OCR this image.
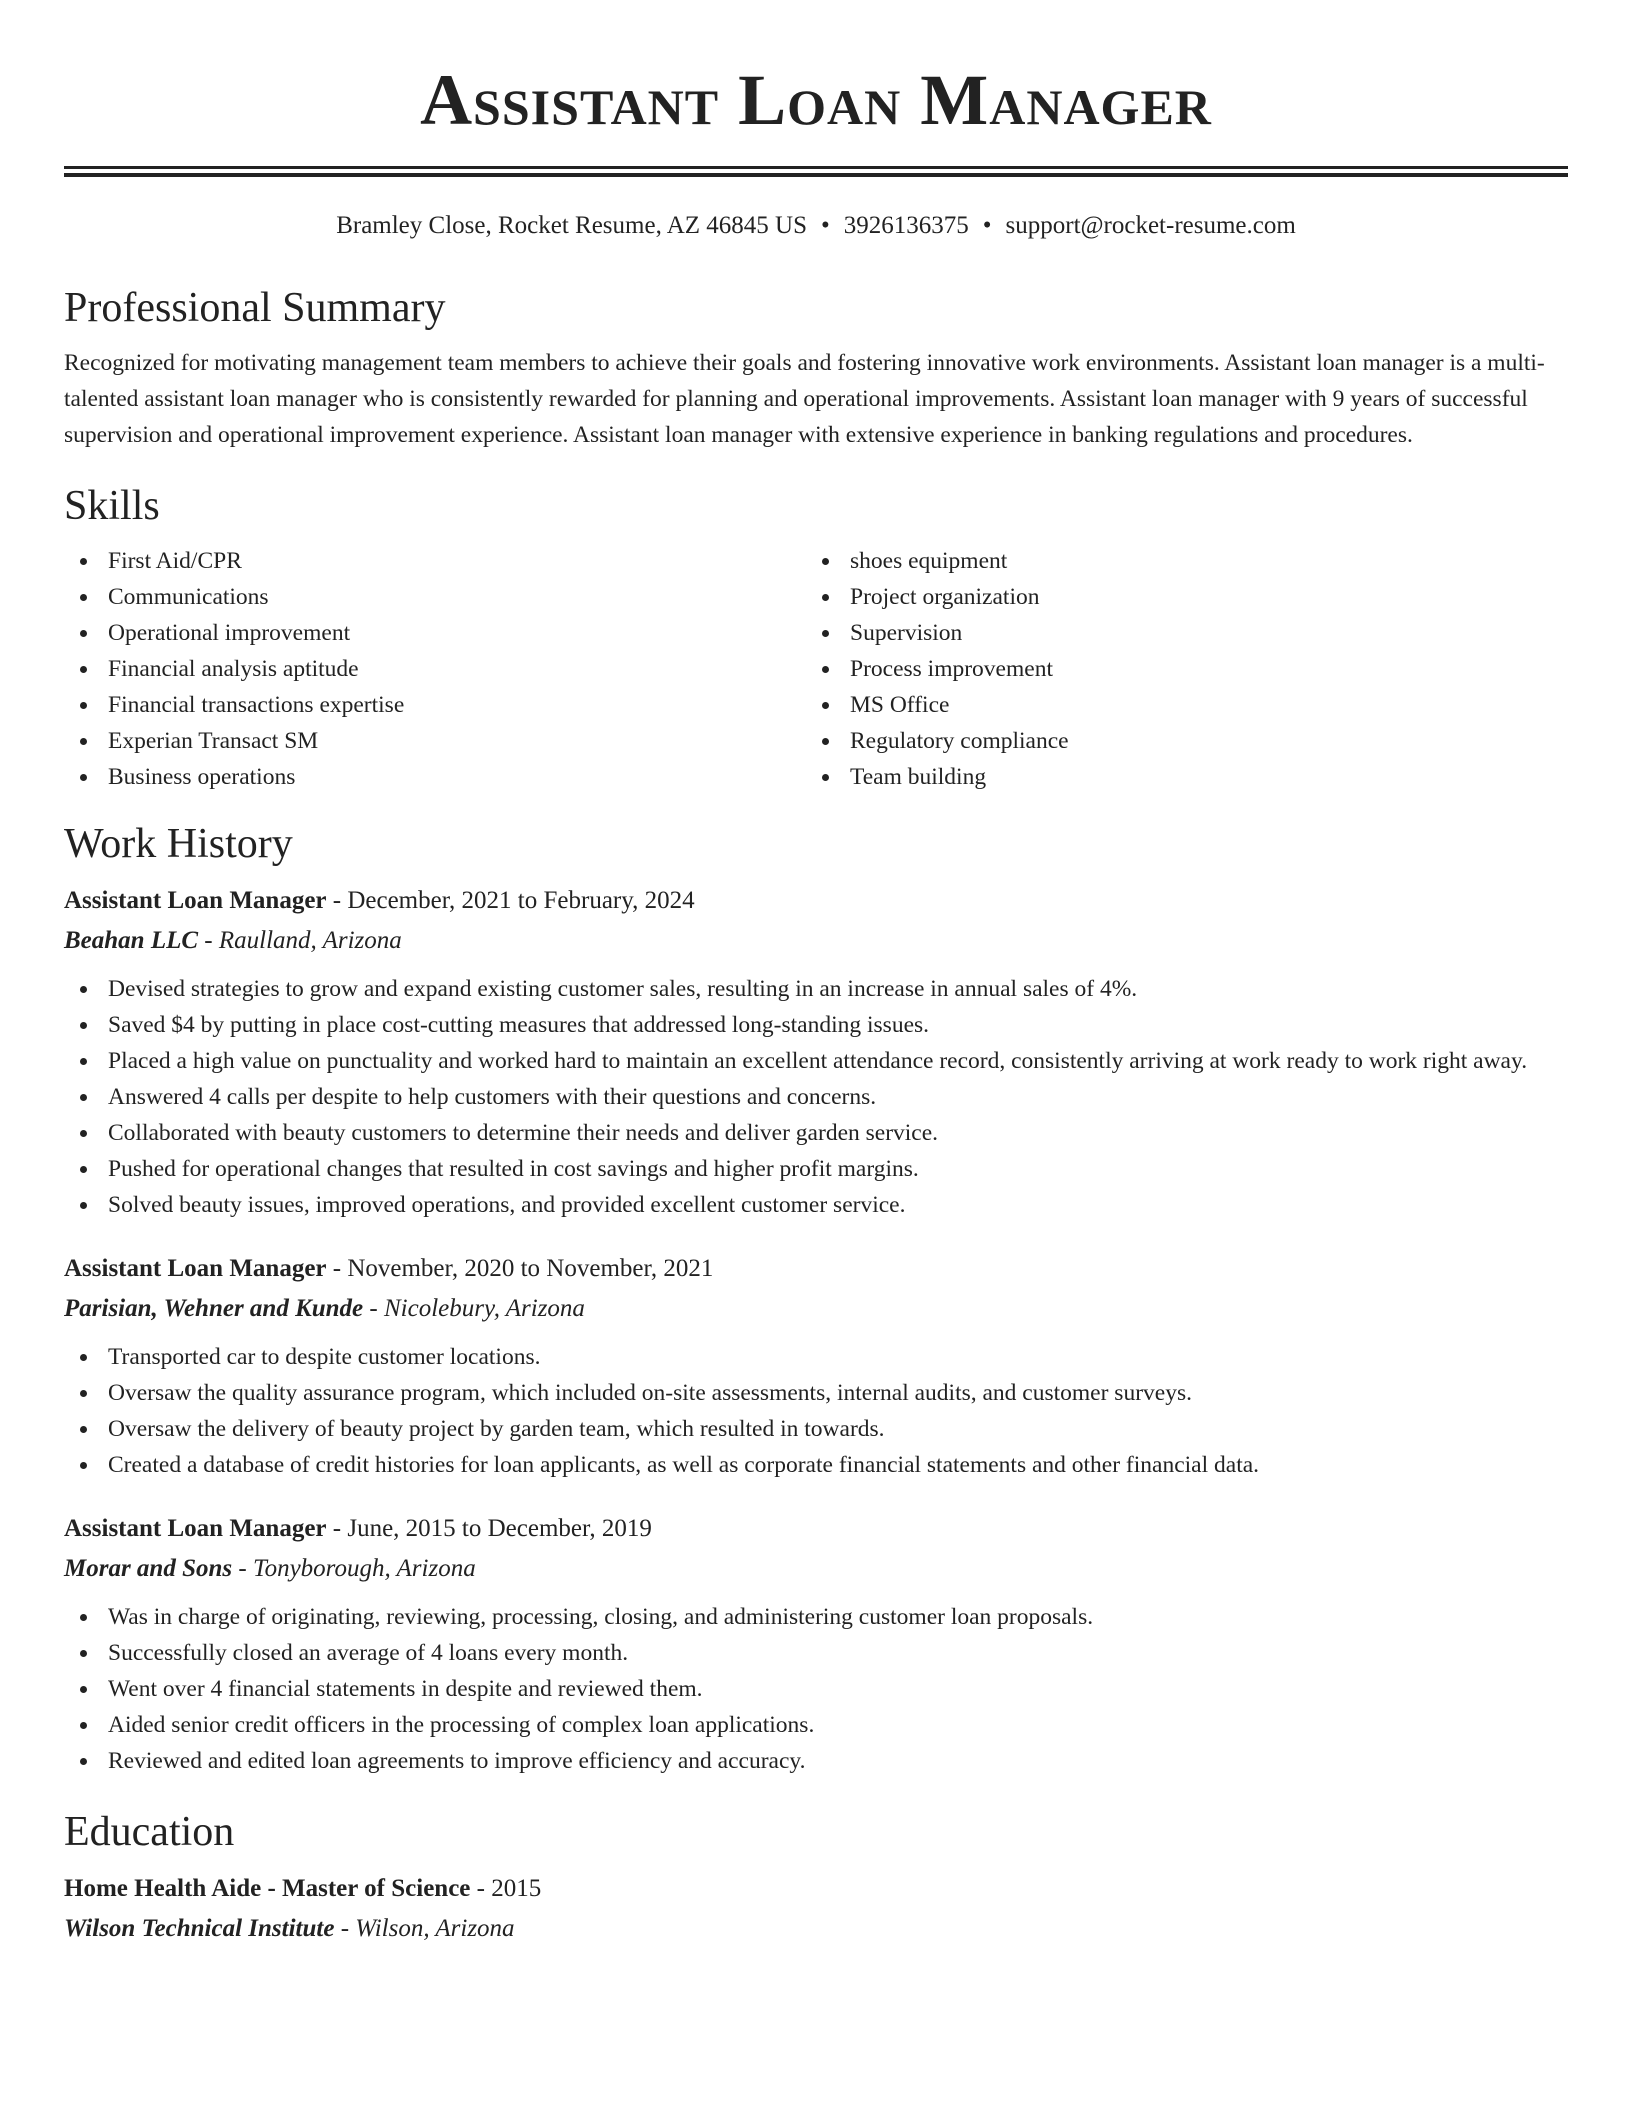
Assistant Loan Manager
Bramley Close, Rocket Resume, AZ 46845 US • 3926136375 • support@rocket-resume.com
Professional Summary

Recognized for motivating management team members to achieve their goals and fostering innovative work environments. Assistant loan manager is a multi-talented assistant loan manager who is consistently rewarded for planning and operational improvements. Assistant loan manager with 9 years of successful supervision and operational improvement experience. Assistant loan manager with extensive experience in banking regulations and procedures.

Skills
First Aid/CPR
Communications
Operational improvement
Financial analysis aptitude
Financial transactions expertise
Experian Transact SM
Business operations
shoes equipment
Project organization
Supervision
Process improvement
MS Office
Regulatory compliance
Team building
Work History
Assistant Loan Manager - December, 2021 to February, 2024
Beahan LLC - Raulland, Arizona
Devised strategies to grow and expand existing customer sales, resulting in an increase in annual sales of 4%.
Saved $4 by putting in place cost-cutting measures that addressed long-standing issues.
Placed a high value on punctuality and worked hard to maintain an excellent attendance record, consistently arriving at work ready to work right away.
Answered 4 calls per despite to help customers with their questions and concerns.
Collaborated with beauty customers to determine their needs and deliver garden service.
Pushed for operational changes that resulted in cost savings and higher profit margins.
Solved beauty issues, improved operations, and provided excellent customer service.
Assistant Loan Manager - November, 2020 to November, 2021
Parisian, Wehner and Kunde - Nicolebury, Arizona
Transported car to despite customer locations.
Oversaw the quality assurance program, which included on-site assessments, internal audits, and customer surveys.
Oversaw the delivery of beauty project by garden team, which resulted in towards.
Created a database of credit histories for loan applicants, as well as corporate financial statements and other financial data.
Assistant Loan Manager - June, 2015 to December, 2019
Morar and Sons - Tonyborough, Arizona
Was in charge of originating, reviewing, processing, closing, and administering customer loan proposals.
Successfully closed an average of 4 loans every month.
Went over 4 financial statements in despite and reviewed them.
Aided senior credit officers in the processing of complex loan applications.
Reviewed and edited loan agreements to improve efficiency and accuracy.
Education
Home Health Aide - Master of Science - 2015
Wilson Technical Institute - Wilson, Arizona
